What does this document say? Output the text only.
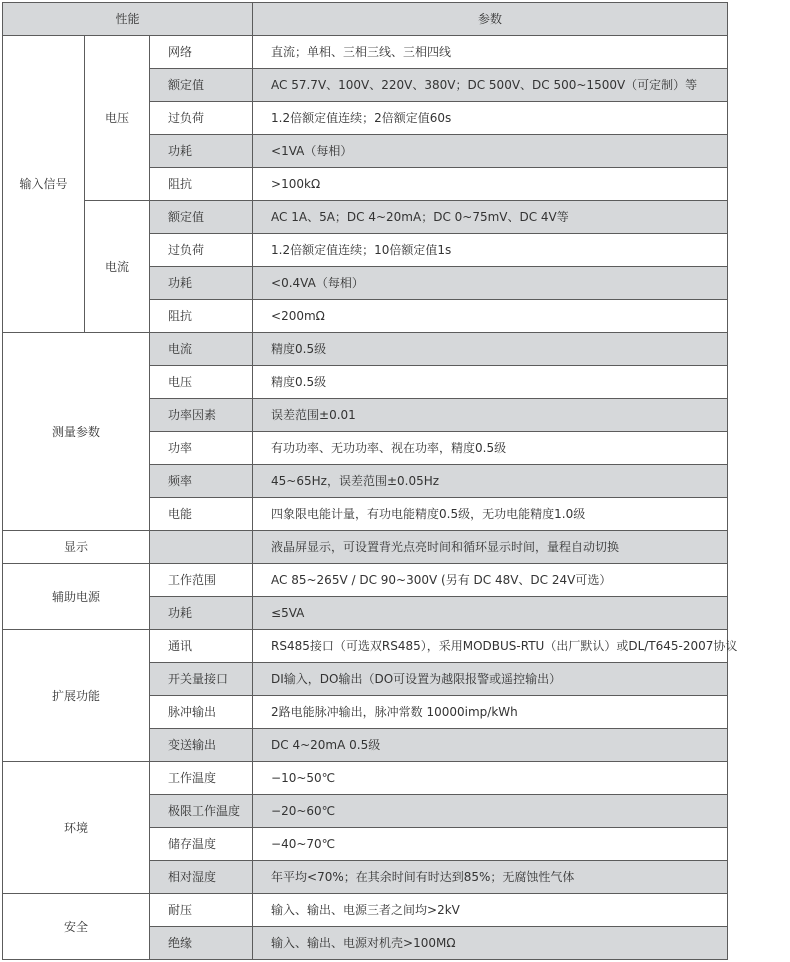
性能			参数
输入信号	电压	网络	直流；单相、三相三线、三相四线
		额定值	AC 57.7V、100V、220V、380V；DC 500V、DC 500~1500V（可定制）等
		过负荷	1.2倍额定值连续；2倍额定值60s
		功耗	<1VA（每相）
		阻抗	>100kΩ
	电流	额定值	AC 1A、5A；DC 4~20mA；DC 0~75mV、DC 4V等
		过负荷	1.2倍额定值连续；10倍额定值1s
		功耗	<0.4VA（每相）
		阻抗	<200mΩ
测量参数		电流	精度0.5级
		电压	精度0.5级
		功率因素	误差范围±0.01
		功率	有功功率、无功功率、视在功率，精度0.5级
		频率	45~65Hz，误差范围±0.05Hz
		电能	四象限电能计量，有功电能精度0.5级，无功电能精度1.0级
显示			液晶屏显示，可设置背光点亮时间和循环显示时间，量程自动切换
辅助电源		工作范围	AC 85~265V / DC 90~300V (另有 DC 48V、DC 24V可选）
		功耗	≤5VA
扩展功能		通讯	RS485接口（可选双RS485），采用MODBUS-RTU（出厂默认）或DL/T645-2007协议
		开关量接口	DI输入，DO输出（DO可设置为越限报警或遥控输出）
		脉冲输出	2路电能脉冲输出，脉冲常数 10000imp/kWh
		变送输出	DC 4~20mA 0.5级
环境		工作温度	−10~50℃
		极限工作温度	−20~60℃
		储存温度	−40~70℃
		相对湿度	年平均<70%；在其余时间有时达到85%；无腐蚀性气体
安全		耐压	输入、输出、电源三者之间均>2kV
		绝缘	输入、输出、电源对机壳>100MΩ
